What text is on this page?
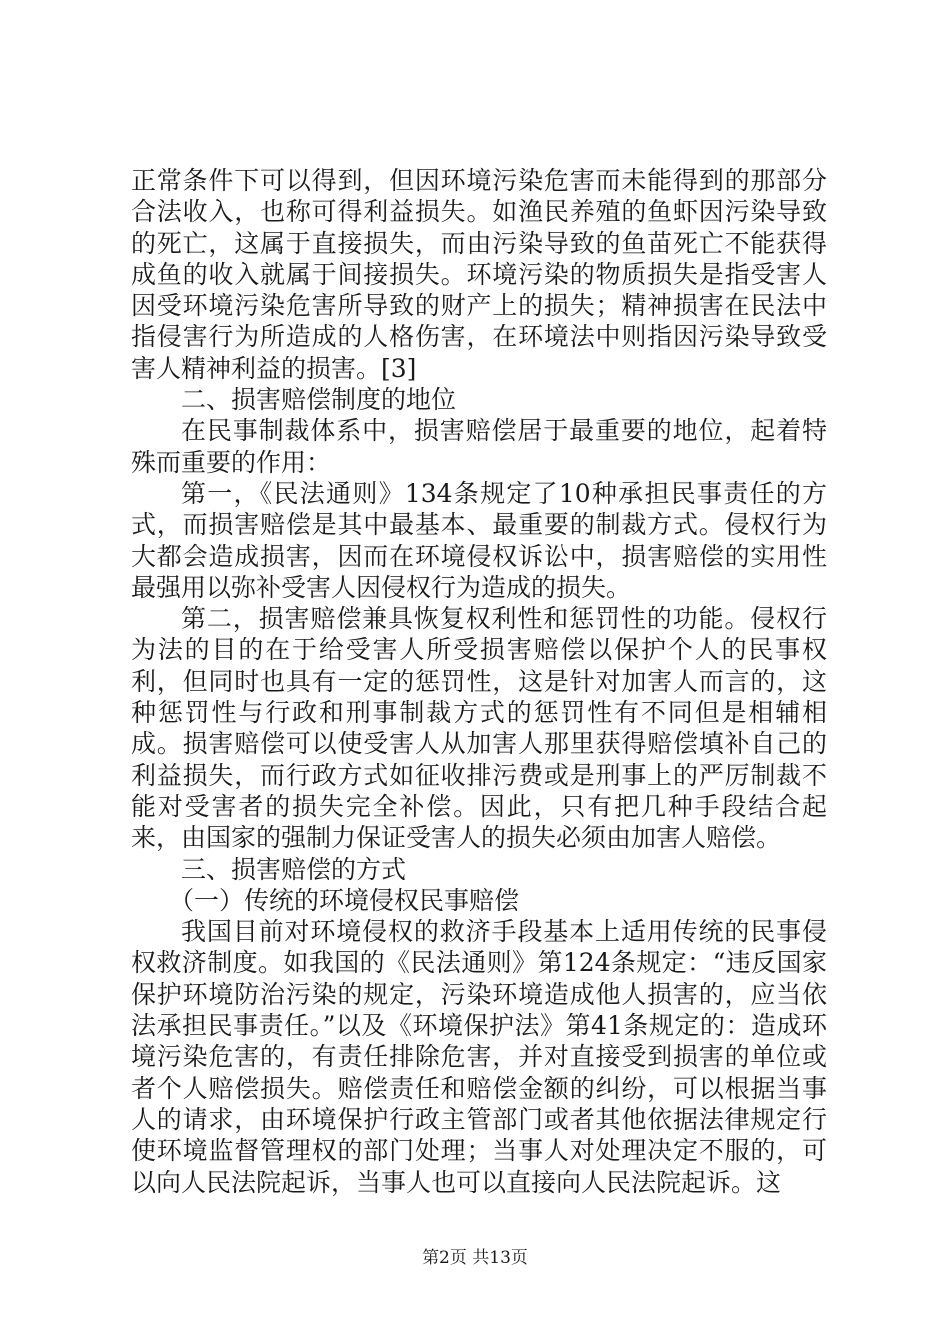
正常条件下可以得到，但因环境污染危害而未能得到的那部分合法收入，也称可得利益损失。如渔民养殖的鱼虾因污染导致的死亡，这属于直接损失，而由污染导致的鱼苗死亡不能获得成鱼的收入就属于间接损失。环境污染的物质损失是指受害人因受环境污染危害所导致的财产上的损失；精神损害在民法中指侵害行为所造成的人格伤害，在环境法中则指因污染导致受害人精神利益的损害。[3]

二、损害赔偿制度的地位

在民事制裁体系中，损害赔偿居于最重要的地位，起着特殊而重要的作用：

第一，《民法通则》134条规定了10种承担民事责任的方式，而损害赔偿是其中最基本、最重要的制裁方式。侵权行为大都会造成损害，因而在环境侵权诉讼中，损害赔偿的实用性最强用以弥补受害人因侵权行为造成的损失。

第二，损害赔偿兼具恢复权利性和惩罚性的功能。侵权行为法的目的在于给受害人所受损害赔偿以保护个人的民事权利，但同时也具有一定的惩罚性，这是针对加害人而言的，这种惩罚性与行政和刑事制裁方式的惩罚性有不同但是相辅相成。损害赔偿可以使受害人从加害人那里获得赔偿填补自己的利益损失，而行政方式如征收排污费或是刑事上的严厉制裁不能对受害者的损失完全补偿。因此，只有把几种手段结合起来，由国家的强制力保证受害人的损失必须由加害人赔偿。

三、损害赔偿的方式

（一）传统的环境侵权民事赔偿

我国目前对环境侵权的救济手段基本上适用传统的民事侵权救济制度。如我国的《民法通则》第124条规定：“违反国家保护环境防治污染的规定，污染环境造成他人损害的，应当依法承担民事责任。”以及《环境保护法》第41条规定的：造成环境污染危害的，有责任排除危害，并对直接受到损害的单位或者个人赔偿损失。赔偿责任和赔偿金额的纠纷，可以根据当事人的请求，由环境保护行政主管部门或者其他依据法律规定行使环境监督管理权的部门处理；当事人对处理决定不服的，可以向人民法院起诉，当事人也可以直接向人民法院起诉。这

第2页 共13页
